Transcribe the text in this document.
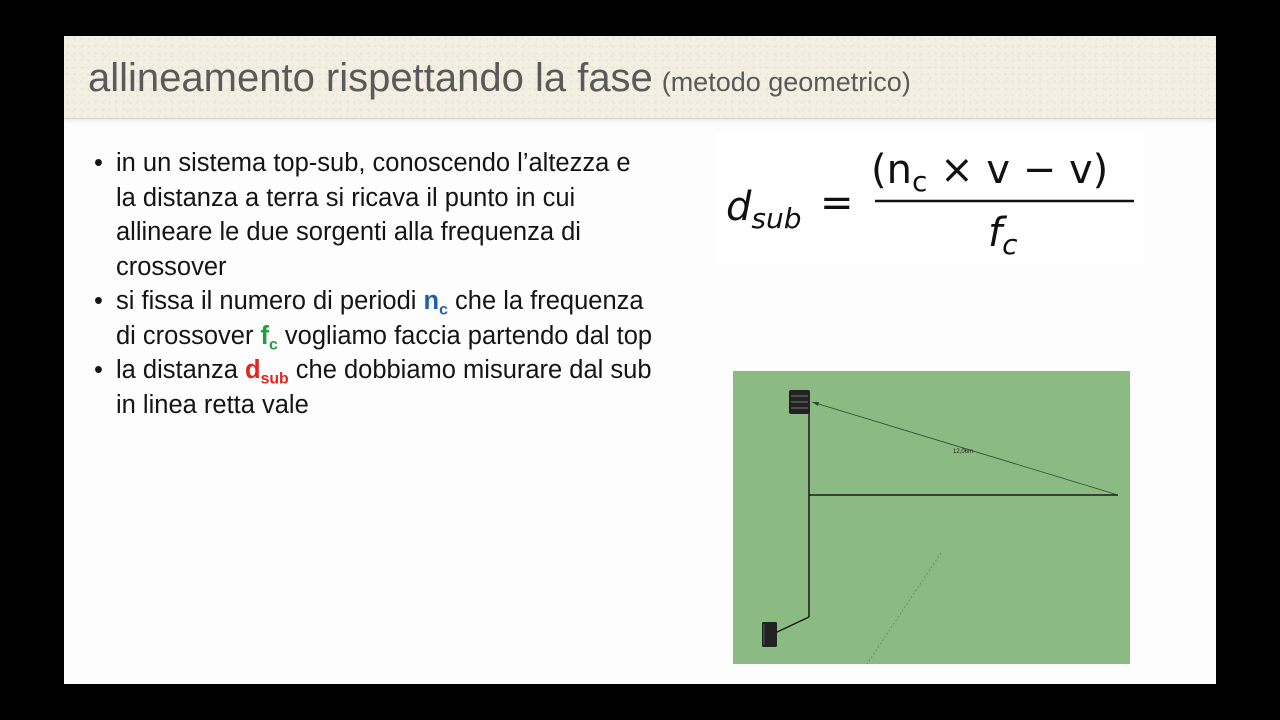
allineamento rispettando la fase (metodo geometrico)
• in un sistema top-sub, conoscendo l’altezza e la distanza a terra si ricava il punto in cui allineare le due sorgenti alla frequenza di crossover
• si fissa il numero di periodi $n_c$ che la frequenza di crossover $f_c$ vogliamo faccia partendo dal top
• la distanza $d_{sub}$ che dobbiamo misurare dal sub in linea retta vale
$d_{sub}$ =
$(n_c \times v - v)$
$f_c$
12,06m
